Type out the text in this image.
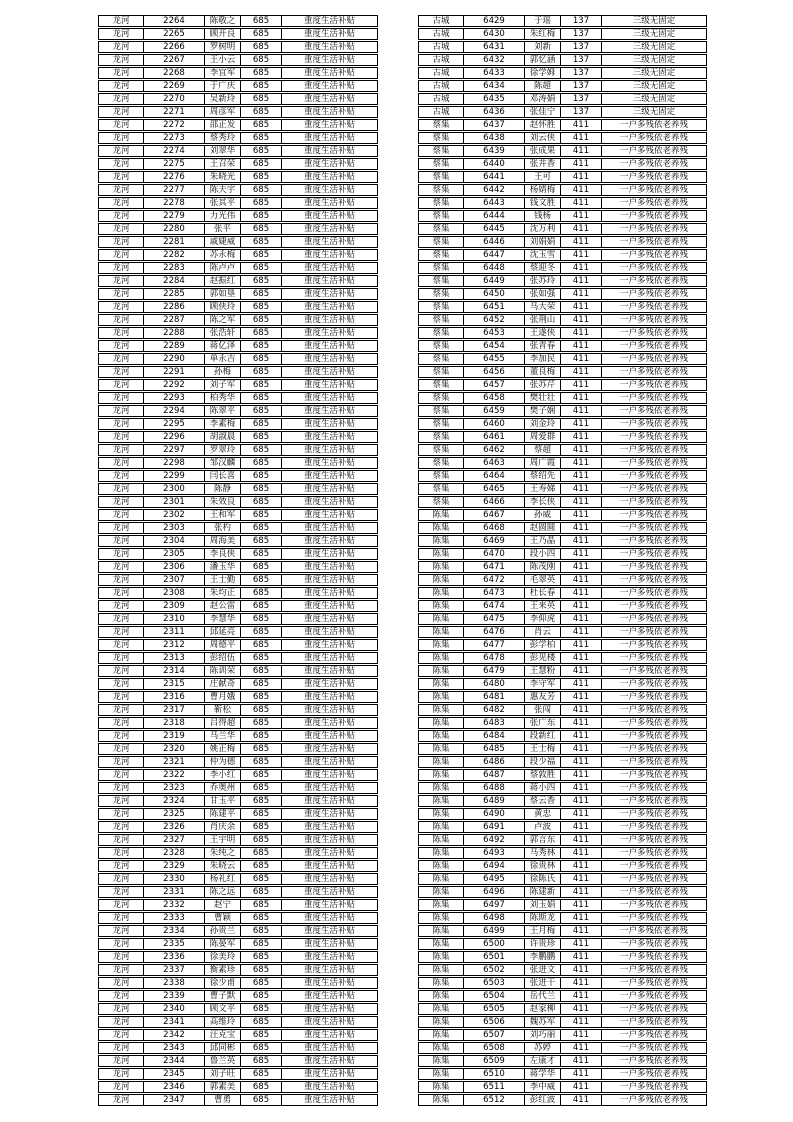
龙河	2264	陈敬之	685	重度生活补贴
龙河	2265	顾开良	685	重度生活补贴
龙河	2266	罗树明	685	重度生活补贴
龙河	2267	王小云	685	重度生活补贴
龙河	2268	李宜军	685	重度生活补贴
龙河	2269	于广庆	685	重度生活补贴
龙河	2270	吴新玲	685	重度生活补贴
龙河	2271	周彦军	685	重度生活补贴
龙河	2272	邵正发	685	重度生活补贴
龙河	2273	蔡秀玲	685	重度生活补贴
龙河	2274	刘翠华	685	重度生活补贴
龙河	2275	王召荣	685	重度生活补贴
龙河	2276	朱晓光	685	重度生活补贴
龙河	2277	陈夫宇	685	重度生活补贴
龙河	2278	张其平	685	重度生活补贴
龙河	2279	力光伟	685	重度生活补贴
龙河	2280	张平	685	重度生活补贴
龙河	2281	戚婕威	685	重度生活补贴
龙河	2282	苏永梅	685	重度生活补贴
龙河	2283	陈卢卢	685	重度生活补贴
龙河	2284	赵振红	685	重度生活补贴
龙河	2285	郭如垦	685	重度生活补贴
龙河	2286	顾侠玲	685	重度生活补贴
龙河	2287	陈之军	685	重度生活补贴
龙河	2288	张浩轩	685	重度生活补贴
龙河	2289	蒋亿泽	685	重度生活补贴
龙河	2290	单永吉	685	重度生活补贴
龙河	2291	孙梅	685	重度生活补贴
龙河	2292	刘子军	685	重度生活补贴
龙河	2293	柏秀华	685	重度生活补贴
龙河	2294	陈翠平	685	重度生活补贴
龙河	2295	李素梅	685	重度生活补贴
龙河	2296	胡淑晨	685	重度生活补贴
龙河	2297	罗翠玲	685	重度生活补贴
龙河	2298	邹汉麟	685	重度生活补贴
龙河	2299	闫长喜	685	重度生活补贴
龙河	2300	陈静	685	重度生活补贴
龙河	2301	朱效良	685	重度生活补贴
龙河	2302	王和军	685	重度生活补贴
龙河	2303	张杓	685	重度生活补贴
龙河	2304	周海美	685	重度生活补贴
龙河	2305	李良侠	685	重度生活补贴
龙河	2306	潘玉华	685	重度生活补贴
龙河	2307	王士勤	685	重度生活补贴
龙河	2308	朱均正	685	重度生活补贴
龙河	2309	赵公雷	685	重度生活补贴
龙河	2310	李慧华	685	重度生活补贴
龙河	2311	邱延亮	685	重度生活补贴
龙河	2312	周德平	685	重度生活补贴
龙河	2313	彭绍伍	685	重度生活补贴
龙河	2314	陈训荣	685	重度生活补贴
龙河	2315	庄献奇	685	重度生活补贴
龙河	2316	曹月娥	685	重度生活补贴
龙河	2317	靳松	685	重度生活补贴
龙河	2318	吕得超	685	重度生活补贴
龙河	2319	马兰华	685	重度生活补贴
龙河	2320	姚正梅	685	重度生活补贴
龙河	2321	仲为德	685	重度生活补贴
龙河	2322	李小红	685	重度生活补贴
龙河	2323	乔奥州	685	重度生活补贴
龙河	2324	甘玉平	685	重度生活补贴
龙河	2325	陈建平	685	重度生活补贴
龙河	2326	肖庆余	685	重度生活补贴
龙河	2327	王宇明	685	重度生活补贴
龙河	2328	朱纯之	685	重度生活补贴
龙河	2329	朱晓云	685	重度生活补贴
龙河	2330	杨礼红	685	重度生活补贴
龙河	2331	陈之远	685	重度生活补贴
龙河	2332	赵宁	685	重度生活补贴
龙河	2333	曹颖	685	重度生活补贴
龙河	2334	孙贵兰	685	重度生活补贴
龙河	2335	陈晏军	685	重度生活补贴
龙河	2336	徐美玲	685	重度生活补贴
龙河	2337	衡素珍	685	重度生活补贴
龙河	2338	徐少甫	685	重度生活补贴
龙河	2339	曹子默	685	重度生活补贴
龙河	2340	顾文平	685	重度生活补贴
龙河	2341	高维玲	685	重度生活补贴
龙河	2342	汪克宝	685	重度生活补贴
龙河	2343	邱同彬	685	重度生活补贴
龙河	2344	鲁兰英	685	重度生活补贴
龙河	2345	刘子旺	685	重度生活补贴
龙河	2346	郭素美	685	重度生活补贴
龙河	2347	曹勇	685	重度生活补贴
古城	6429	于瑶	137	三级无固定
古城	6430	朱红梅	137	三级无固定
古城	6431	刘新	137	三级无固定
古城	6432	郭忆涵	137	三级无固定
古城	6433	徐学姆	137	三级无固定
古城	6434	陈超	137	三级无固定
古城	6435	邓涛娟	137	三级无固定
古城	6436	张佳宁	137	三级无固定
蔡集	6437	赵怀胜	411	一户多残依老养残
蔡集	6438	刘云侠	411	一户多残依老养残
蔡集	6439	张成果	411	一户多残依老养残
蔡集	6440	张井香	411	一户多残依老养残
蔡集	6441	王可	411	一户多残依老养残
蔡集	6442	杨婧梅	411	一户多残依老养残
蔡集	6443	钱文胜	411	一户多残依老养残
蔡集	6444	钱杨	411	一户多残依老养残
蔡集	6445	沈万利	411	一户多残依老养残
蔡集	6446	刘娟娟	411	一户多残依老养残
蔡集	6447	沈玉雪	411	一户多残依老养残
蔡集	6448	蔡迎冬	411	一户多残依老养残
蔡集	6449	张苏玲	411	一户多残依老养残
蔡集	6450	张如强	411	一户多残依老养残
蔡集	6451	马大荣	411	一户多残依老养残
蔡集	6452	张荆山	411	一户多残依老养残
蔡集	6453	王遂侠	411	一户多残依老养残
蔡集	6454	张青春	411	一户多残依老养残
蔡集	6455	李加民	411	一户多残依老养残
蔡集	6456	董良梅	411	一户多残依老养残
蔡集	6457	张苏芹	411	一户多残依老养残
蔡集	6458	樊壮壮	411	一户多残依老养残
蔡集	6459	樊子娴	411	一户多残依老养残
蔡集	6460	刘金玲	411	一户多残依老养残
蔡集	6461	周爱群	411	一户多残依老养残
蔡集	6462	蔡超	411	一户多残依老养残
蔡集	6463	周广霞	411	一户多残依老养残
蔡集	6464	蔡绍先	411	一户多残依老养残
蔡集	6465	王寿娣	411	一户多残依老养残
蔡集	6466	李长侠	411	一户多残依老养残
陈集	6467	孙威	411	一户多残依老养残
陈集	6468	赵圆圆	411	一户多残依老养残
陈集	6469	王乃晶	411	一户多残依老养残
陈集	6470	段小四	411	一户多残依老养残
陈集	6471	陈茂刚	411	一户多残依老养残
陈集	6472	毛翠英	411	一户多残依老养残
陈集	6473	杜长春	411	一户多残依老养残
陈集	6474	王来英	411	一户多残依老养残
陈集	6475	李仰虎	411	一户多残依老养残
陈集	6476	肖云	411	一户多残依老养残
陈集	6477	彭学柏	411	一户多残依老养残
陈集	6478	彭见楼	411	一户多残依老养残
陈集	6479	王慧粉	411	一户多残依老养残
陈集	6480	李守军	411	一户多残依老养残
陈集	6481	惠友芳	411	一户多残依老养残
陈集	6482	张闯	411	一户多残依老养残
陈集	6483	张广东	411	一户多残依老养残
陈集	6484	段新红	411	一户多残依老养残
陈集	6485	王士梅	411	一户多残依老养残
陈集	6486	段少福	411	一户多残依老养残
陈集	6487	蔡敦胜	411	一户多残依老养残
陈集	6488	蒋小四	411	一户多残依老养残
陈集	6489	蔡云香	411	一户多残依老养残
陈集	6490	黄忠	411	一户多残依老养残
陈集	6491	卢波	411	一户多残依老养残
陈集	6492	郭言东	411	一户多残依老养残
陈集	6493	马秀林	411	一户多残依老养残
陈集	6494	徐贵林	411	一户多残依老养残
陈集	6495	徐陈氏	411	一户多残依老养残
陈集	6496	陈建新	411	一户多残依老养残
陈集	6497	刘玉娟	411	一户多残依老养残
陈集	6498	陈斯龙	411	一户多残依老养残
陈集	6499	王月梅	411	一户多残依老养残
陈集	6500	许贵珍	411	一户多残依老养残
陈集	6501	李鹏鹏	411	一户多残依老养残
陈集	6502	张进文	411	一户多残依老养残
陈集	6503	张进干	411	一户多残依老养残
陈集	6504	岳代兰	411	一户多残依老养残
陈集	6505	赵家柳	411	一户多残依老养残
陈集	6506	魏苏军	411	一户多残依老养残
陈集	6507	刘巧丽	411	一户多残依老养残
陈集	6508	苏婷	411	一户多残依老养残
陈集	6509	左康才	411	一户多残依老养残
陈集	6510	蒋学华	411	一户多残依老养残
陈集	6511	李中威	411	一户多残依老养残
陈集	6512	彭红波	411	一户多残依老养残
